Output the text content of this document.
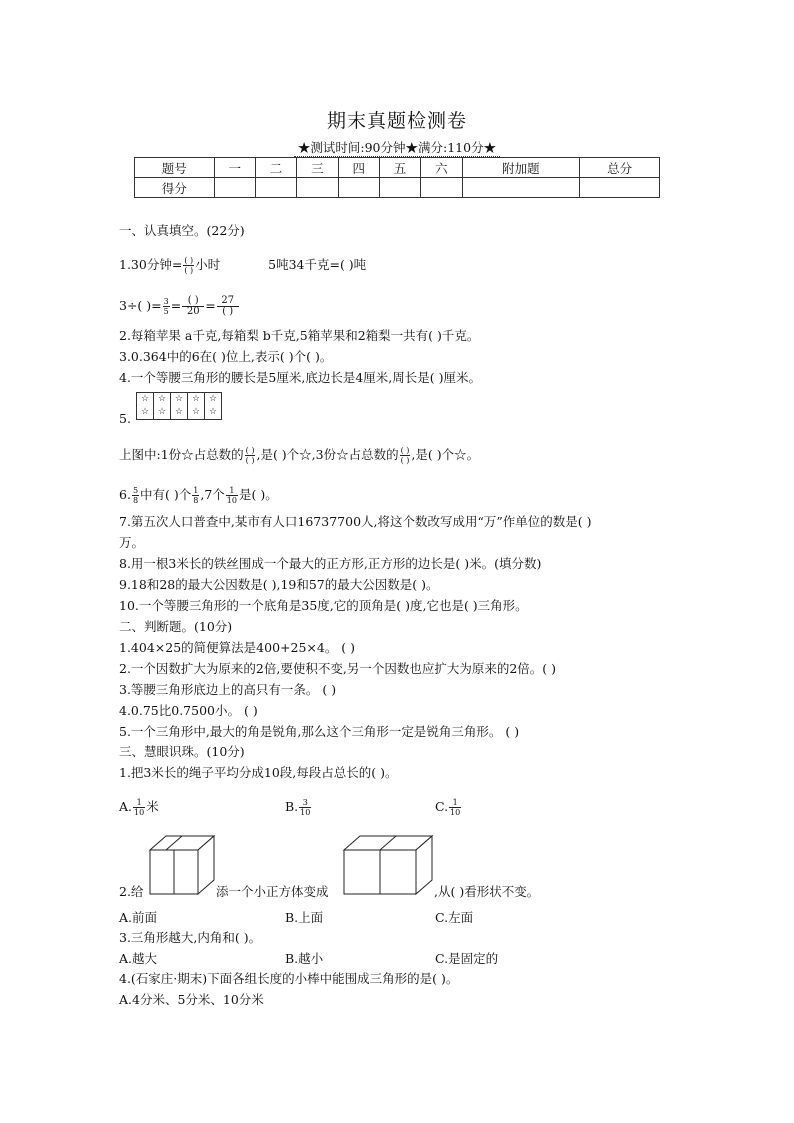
期末真题检测卷
★测试时间:90分钟★满分:110分★
题号	一	二	三	四	五	六	附加题	总分
得分								
一、认真填空。(22分)
1.30分钟= $\frac{( )}{( )}$ 小时	5吨34千克=( )吨
3÷( )= $\frac{3}{5} = \frac{( )}{20} = \frac{27}{( )}$
2.每箱苹果 a千克,每箱梨 b千克,5箱苹果和2箱梨一共有( )千克。
3.0.364中的6在( )位上,表示( )个( )。
4.一个等腰三角形的腰长是5厘米,底边长是4厘米,周长是( )厘米。
☆
☆
☆
☆
☆
☆
☆
☆
☆
☆
5.
上图中:1份☆占总数的 $\frac{( )}{( )}$ ,是( )个☆,3份☆占总数的 $\frac{( )}{( )}$ ,是( )个☆。
6. $\frac{5}{8}$ 中有( )个 $\frac{1}{8} ,7$个 $\frac{1}{10}$ 是( )。
7.第五次人口普查中,某市有人口16737700人,将这个数改写成用“万”作单位的数是( )
万。
8.用一根3米长的铁丝围成一个最大的正方形,正方形的边长是( )米。(填分数)
9.18和28的最大公因数是( ),19和57的最大公因数是( )。
10.一个等腰三角形的一个底角是35度,它的顶角是( )度,它也是( )三角形。
二、判断题。(10分)
1.404×25的简便算法是400+25×4。 ( )
2.一个因数扩大为原来的2倍,要使积不变,另一个因数也应扩大为原来的2倍。( )
3.等腰三角形底边上的高只有一条。 ( )
4.0.75比0.7500小。 ( )
5.一个三角形中,最大的角是锐角,那么这个三角形一定是锐角三角形。 ( )
三、慧眼识珠。(10分)
1.把3米长的绳子平均分成10段,每段占总长的( )。
A. $\frac{1}{10}$ 米	B. $\frac{3}{10}$	C. $\frac{1}{10}$
2.给	添一个小正方体变成	,从( )看形状不变。
A.前面	B.上面	C.左面
3.三角形越大,内角和( )。
A.越大	B.越小	C.是固定的
4.(石家庄·期末)下面各组长度的小棒中能围成三角形的是( )。
A.4分米、5分米、10分米
